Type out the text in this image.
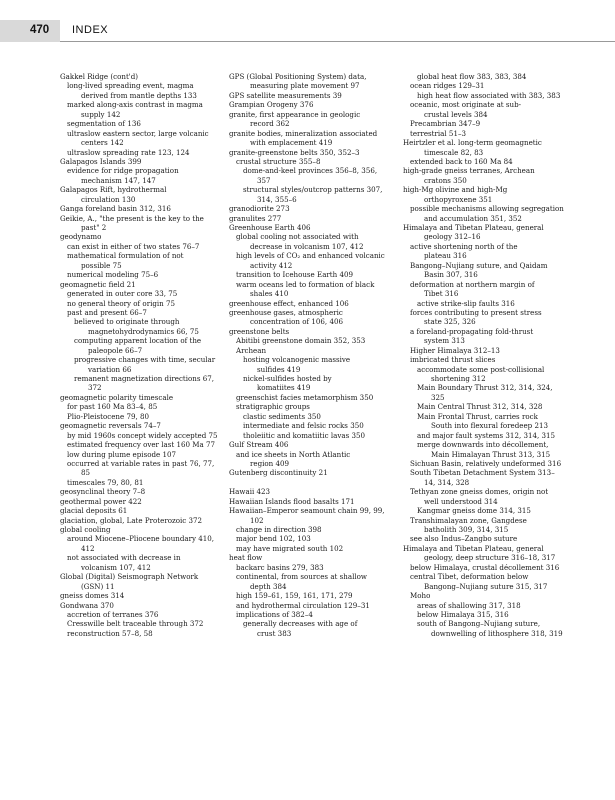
470 INDEX
Gakkel Ridge (cont'd)
long-lived spreading event, magma
derived from mantle depths 133
marked along-axis contrast in magma
supply 142
segmentation of 136
ultraslow eastern sector, large volcanic
centers 142
ultraslow spreading rate 123, 124
Galapagos Islands 399
evidence for ridge propagation
mechanism 147, 147
Galapagos Rift, hydrothermal
circulation 130
Ganga foreland basin 312, 316
Geikie, A., "the present is the key to the
past" 2
geodynamo
can exist in either of two states 76–7
mathematical formulation of not
possible 75
numerical modeling 75–6
geomagnetic field 21
generated in outer core 33, 75
no general theory of origin 75
past and present 66–7
believed to originate through
magnetohydrodynamics 66, 75
computing apparent location of the
paleopole 66–7
progressive changes with time, secular
variation 66
remanent magnetization directions 67,
372
geomagnetic polarity timescale
for past 160 Ma 83–4, 85
Plio-Pleistocene 79, 80
geomagnetic reversals 74–7
by mid 1960s concept widely accepted 75
estimated frequency over last 160 Ma 77
low during plume episode 107
occurred at variable rates in past 76, 77,
85
timescales 79, 80, 81
geosynclinal theory 7–8
geothermal power 422
glacial deposits 61
glaciation, global, Late Proterozoic 372
global cooling
around Miocene–Pliocene boundary 410,
412
not associated with decrease in
volcanism 107, 412
Global (Digital) Seismograph Network
(GSN) 11
gneiss domes 314
Gondwana 370
accretion of terranes 376
Cresswille belt traceable through 372
reconstruction 57–8, 58
GPS (Global Positioning System) data,
measuring plate movement 97
GPS satellite measurements 39
Grampian Orogeny 376
granite, first appearance in geologic
record 362
granite bodies, mineralization associated
with emplacement 419
granite-greenstone belts 350, 352–3
crustal structure 355–8
dome-and-keel provinces 356–8, 356,
357
structural styles/outcrop patterns 307,
314, 355–6
granodiorite 273
granulites 277
Greenhouse Earth 406
global cooling not associated with
decrease in volcanism 107, 412
high levels of CO₂ and enhanced volcanic
activity 412
transition to Icehouse Earth 409
warm oceans led to formation of black
shales 410
greenhouse effect, enhanced 106
greenhouse gases, atmospheric
concentration of 106, 406
greenstone belts
Abitibi greenstone domain 352, 353
Archean
hosting volcanogenic massive
sulfides 419
nickel-sulfides hosted by
komatiites 419
greenschist facies metamorphism 350
stratigraphic groups
clastic sediments 350
intermediate and felsic rocks 350
tholeiitic and komatiitic lavas 350
Gulf Stream 406
and ice sheets in North Atlantic
region 409
Gutenberg discontinuity 21
Hawaii 423
Hawaiian Islands flood basalts 171
Hawaiian–Emperor seamount chain 99, 99,
102
change in direction 398
major bend 102, 103
may have migrated south 102
heat flow
backarc basins 279, 383
continental, from sources at shallow
depth 384
high 159–61, 159, 161, 171, 279
and hydrothermal circulation 129–31
implications of 382–4
generally decreases with age of
crust 383
global heat flow 383, 383, 384
ocean ridges 129–31
high heat flow associated with 383, 383
oceanic, most originate at sub-
crustal levels 384
Precambrian 347–9
terrestrial 51–3
Heirtzler et al. long-term geomagnetic
timescale 82, 83
extended back to 160 Ma 84
high-grade gneiss terranes, Archean
cratons 350
high-Mg olivine and high-Mg
orthopyroxene 351
possible mechanisms allowing segregation
and accumulation 351, 352
Himalaya and Tibetan Plateau, general
geology 312–16
active shortening north of the
plateau 316
Bangong–Nujiang suture, and Qaidam
Basin 307, 316
deformation at northern margin of
Tibet 316
active strike-slip faults 316
forces contributing to present stress
state 325, 326
a foreland-propagating fold-thrust
system 313
Higher Himalaya 312–13
imbricated thrust slices
accommodate some post-collisional
shortening 312
Main Boundary Thrust 312, 314, 324,
325
Main Central Thrust 312, 314, 328
Main Frontal Thrust, carries rock
South into flexural foredeep 213
and major fault systems 312, 314, 315
merge downwards into décollement,
Main Himalayan Thrust 313, 315
Sichuan Basin, relatively undeformed 316
South Tibetan Detachment System 313–
14, 314, 328
Tethyan zone gneiss domes, origin not
well understood 314
Kangmar gneiss dome 314, 315
Transhimalayan zone, Gangdese
batholith 309, 314, 315
see also Indus–Zangbo suture
Himalaya and Tibetan Plateau, general
geology, deep structure 316–18, 317
below Himalaya, crustal décollement 316
central Tibet, deformation below
Bangong–Nujiang suture 315, 317
Moho
areas of shallowing 317, 318
below Himalaya 315, 316
south of Bangong–Nujiang suture,
downwelling of lithosphere 318, 319
